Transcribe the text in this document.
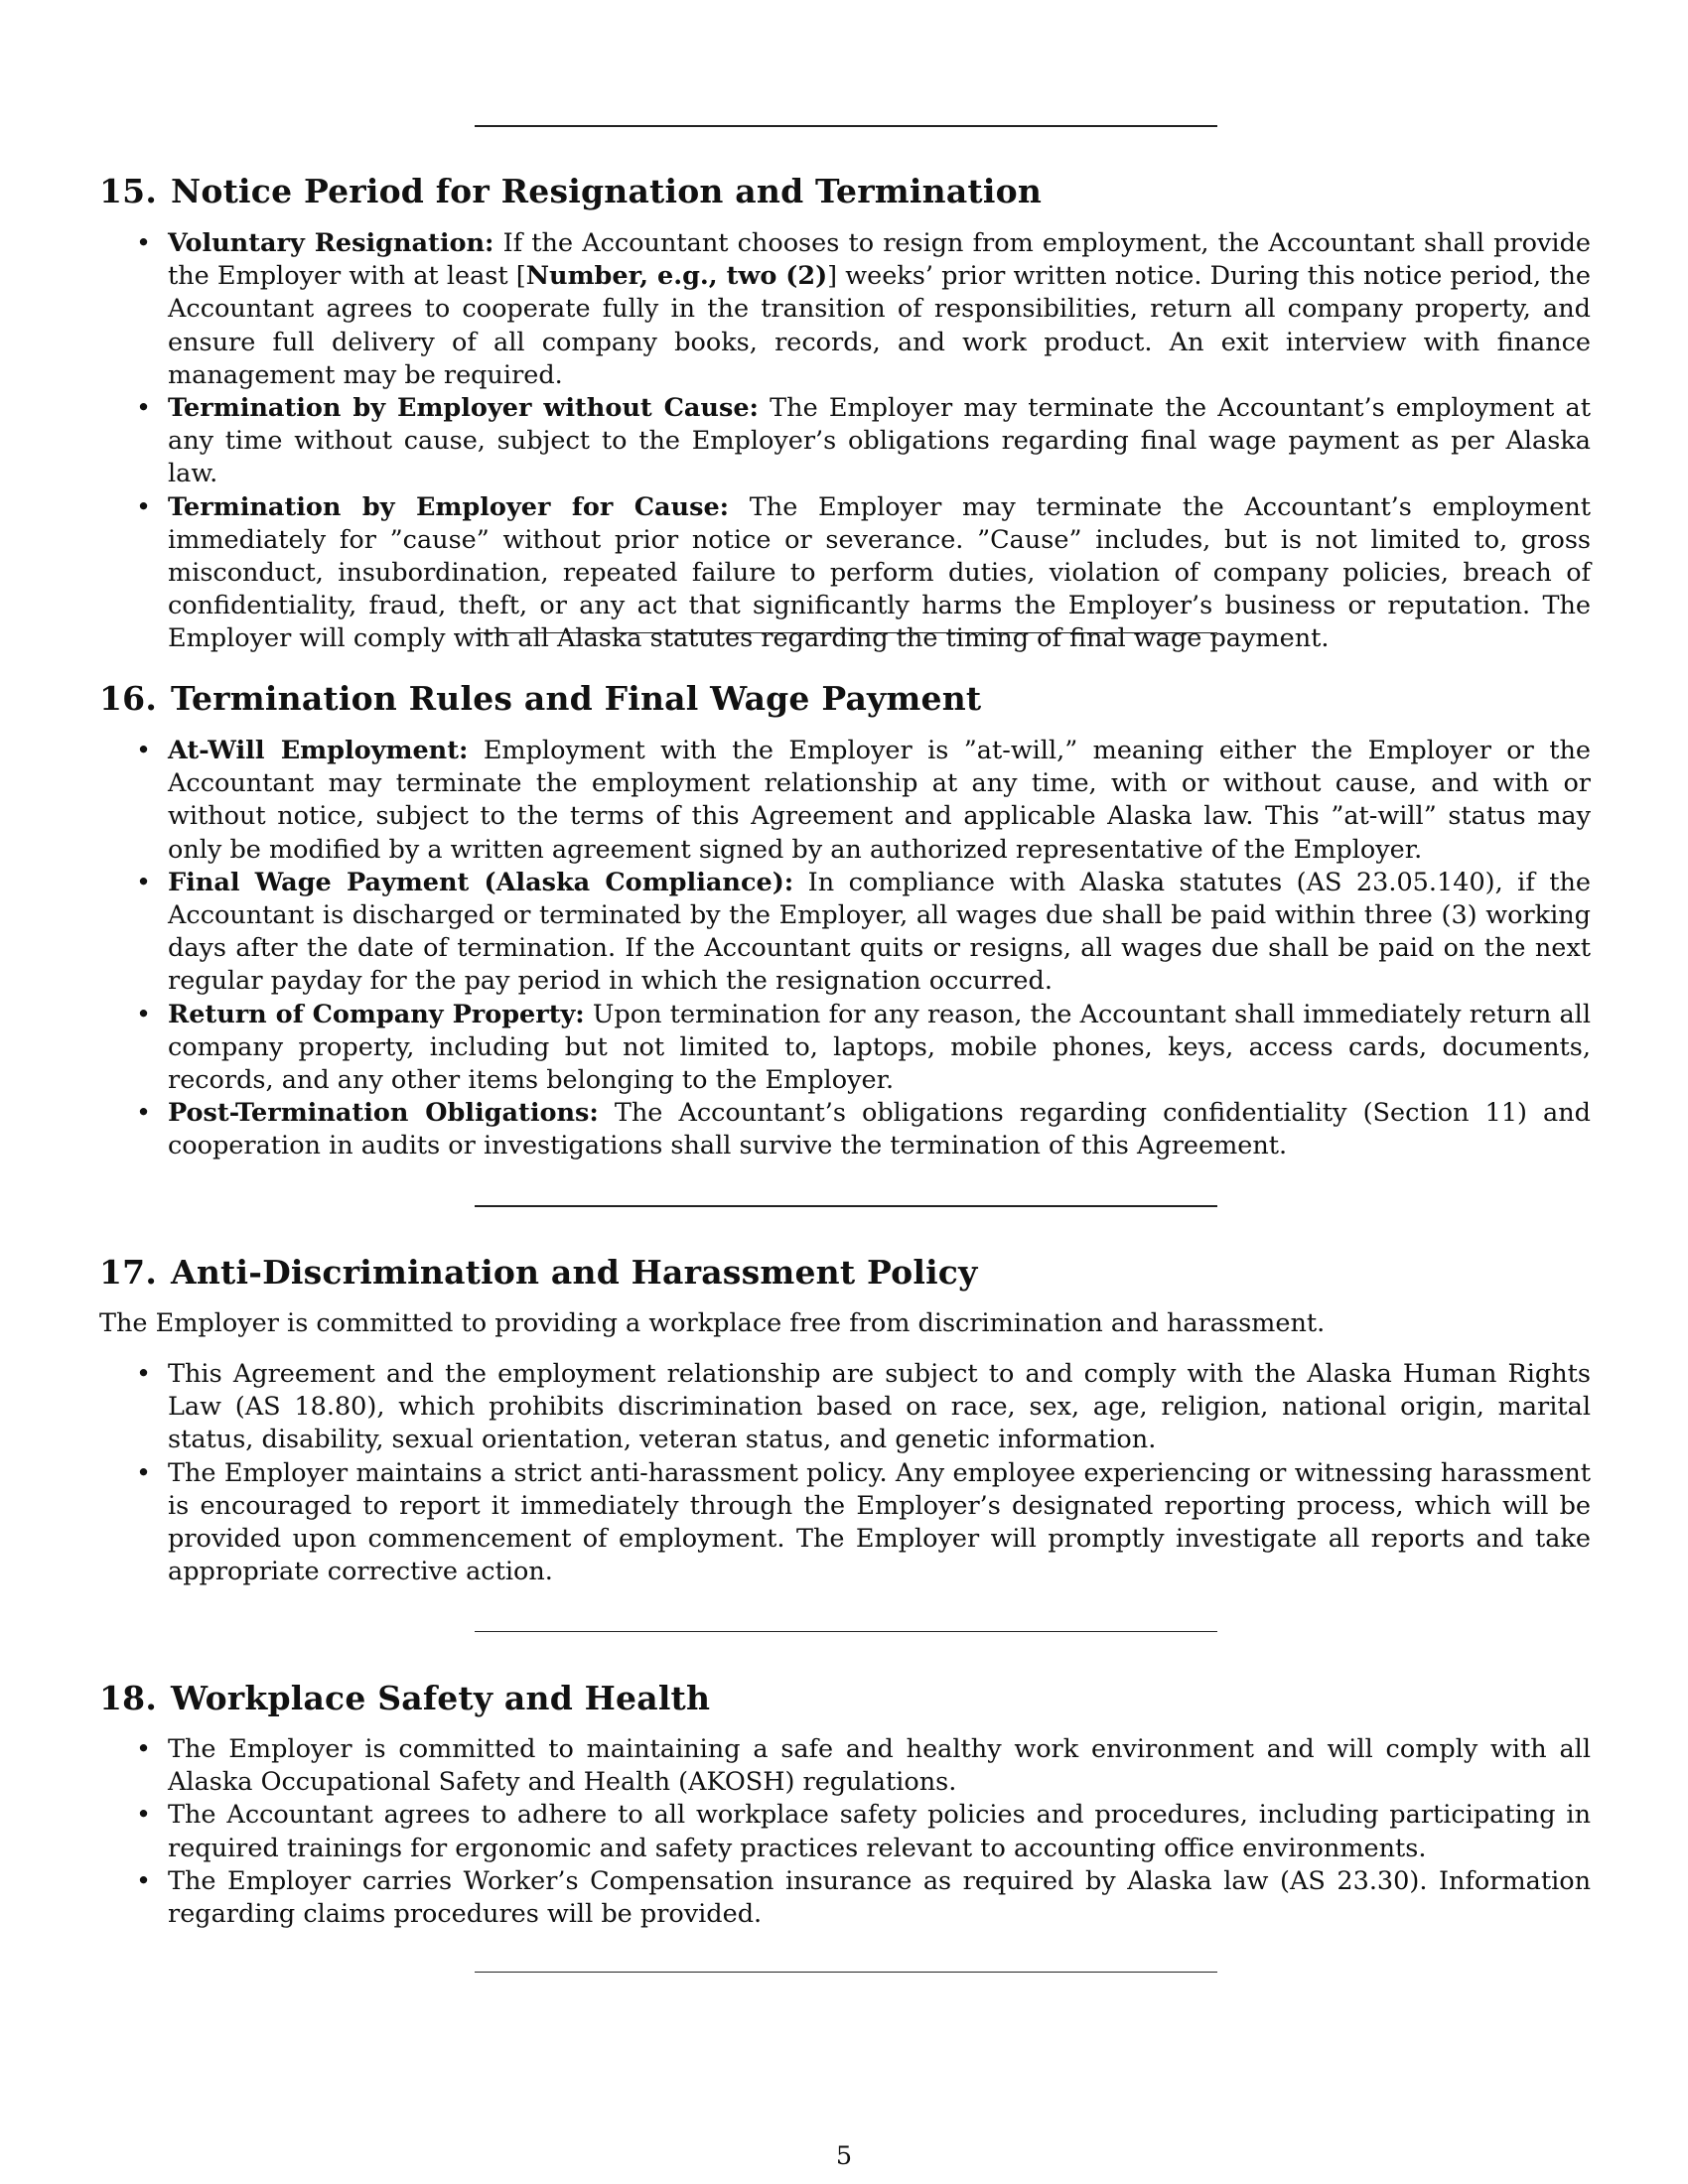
15. Notice Period for Resignation and Termination
• Voluntary Resignation: If the Accountant chooses to resign from employment, the Accountant shall provide the Employer with at least [Number, e.g., two (2)] weeks’ prior written notice. During this notice period, the Accountant agrees to cooperate fully in the transition of responsibilities, return all company property, and ensure full delivery of all company books, records, and work product. An exit interview with finance management may be required.
• Termination by Employer without Cause: The Employer may terminate the Accountant’s employment at any time without cause, subject to the Employer’s obligations regarding final wage payment as per Alaska law.
• Termination by Employer for Cause: The Employer may terminate the Accountant’s employment immediately for ”cause” without prior notice or severance. ”Cause” includes, but is not limited to, gross misconduct, insubordination, repeated failure to perform duties, violation of company policies, breach of confidentiality, fraud, theft, or any act that significantly harms the Employer’s business or reputation. The Employer will comply with all Alaska statutes regarding the timing of final wage payment.
16. Termination Rules and Final Wage Payment
• At-Will Employment: Employment with the Employer is ”at-will,” meaning either the Employer or the Accountant may terminate the employment relationship at any time, with or without cause, and with or without notice, subject to the terms of this Agreement and applicable Alaska law. This ”at-will” status may only be modified by a written agreement signed by an authorized representative of the Employer.
• Final Wage Payment (Alaska Compliance): In compliance with Alaska statutes (AS 23.05.140), if the Accountant is discharged or terminated by the Employer, all wages due shall be paid within three (3) working days after the date of termination. If the Accountant quits or resigns, all wages due shall be paid on the next regular payday for the pay period in which the resignation occurred.
• Return of Company Property: Upon termination for any reason, the Accountant shall immediately return all company property, including but not limited to, laptops, mobile phones, keys, access cards, documents, records, and any other items belonging to the Employer.
• Post-Termination Obligations: The Accountant’s obligations regarding confidentiality (Section 11) and cooperation in audits or investigations shall survive the termination of this Agreement.
17. Anti-Discrimination and Harassment Policy

The Employer is committed to providing a workplace free from discrimination and harassment.

• This Agreement and the employment relationship are subject to and comply with the Alaska Human Rights Law (AS 18.80), which prohibits discrimination based on race, sex, age, religion, national origin, marital status, disability, sexual orientation, veteran status, and genetic information.
• The Employer maintains a strict anti-harassment policy. Any employee experiencing or witnessing harassment is encouraged to report it immediately through the Employer’s designated reporting process, which will be provided upon commencement of employment. The Employer will promptly investigate all reports and take appropriate corrective action.
18. Workplace Safety and Health
• The Employer is committed to maintaining a safe and healthy work environment and will comply with all Alaska Occupational Safety and Health (AKOSH) regulations.
• The Accountant agrees to adhere to all workplace safety policies and procedures, including participating in required trainings for ergonomic and safety practices relevant to accounting office environments.
• The Employer carries Worker’s Compensation insurance as required by Alaska law (AS 23.30). Information regarding claims procedures will be provided.
5
